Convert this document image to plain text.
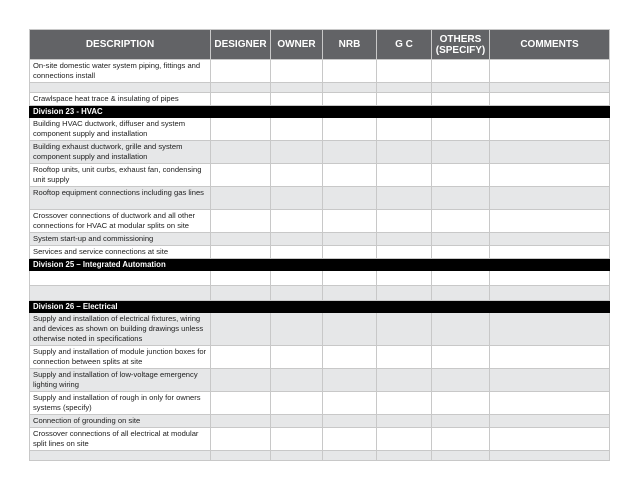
DESCRIPTION	DESIGNER	OWNER	NRB	G C	OTHERS (SPECIFY)	COMMENTS
On-site domestic water system piping, fittings and connections install						

Crawlspace heat trace & insulating of pipes						
Division 23 - HVAC						
Building HVAC ductwork, diffuser and system component supply and installation						
Building exhaust ductwork, grille and system component supply and installation						
Rooftop units, unit curbs, exhaust fan, condensing unit supply						
Rooftop equipment connections including gas lines						
Crossover connections of ductwork and all other connections for HVAC at modular splits on site						
System start-up and commissioning						
Services and service connections at site						
Division 25 – Integrated Automation						

Division 26 – Electrical						
Supply and installation of electrical fixtures, wiring and devices as shown on building drawings unless otherwise noted in specifications						
Supply and installation of module junction boxes for connection between splits at site						
Supply and installation of low-voltage emergency lighting wiring						
Supply and installation of rough in only for owners systems (specify)						
Connection of grounding on site						
Crossover connections of all electrical at modular split lines on site						
